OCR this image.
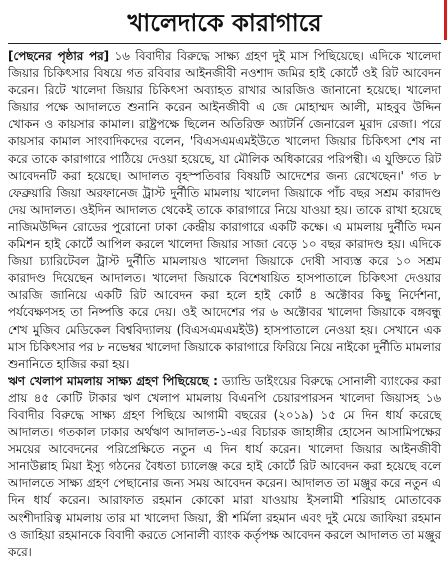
খালেদাকে কারাগারে

[পেছনের পৃষ্ঠার পর] ১৬ বিবাদীর বিরুদ্ধে সাক্ষ্য গ্রহণ দুই মাস পিছিয়েছে। এদিকে খালেদা জিয়ার চিকিৎসার বিষয়ে গত রবিবার আইনজীবী নওশাদ জমির হাই কোর্টে ওই রিট আবেদন করেন। রিটে খালেদা জিয়ার চিকিৎসা অব্যাহত রাখার আরজিও জানানো হয়েছে। খালেদা জিয়ার পক্ষে আদালতে শুনানি করেন আইনজীবী এ জে মোহাম্মদ আলী, মাহবুব উদ্দিন খোকন ও কায়সার কামাল। রাষ্ট্রপক্ষে ছিলেন অতিরিক্ত অ্যাটর্নি জেনারেল মুরাদ রেজা। পরে কায়সার কামাল সাংবাদিকদের বলেন, 'বিএসএমএমইউতে খালেদা জিয়ার চিকিৎসা শেষ না করে তাকে কারাগারে পাঠিয়ে দেওয়া হয়েছে, যা মৌলিক অধিকারের পরিপন্থী। এ যুক্তিতে রিট আবেদনটি করা হয়েছে। আদালত বৃহস্পতিবার বিষয়টি আদেশের জন্য রেখেছেন।' গত ৮ ফেব্রুয়ারি জিয়া অরফানেজ ট্রাস্ট দুর্নীতি মামলায় খালেদা জিয়াকে পাঁচ বছর সশ্রম কারাদণ্ড দেয় আদালত। ওইদিন আদালত থেকেই তাকে কারাগারে নিয়ে যাওয়া হয়। তাকে রাখা হয়েছে নাজিমউদ্দিন রোডের পুরোনো ঢাকা কেন্দ্রীয় কারাগারে একটি কক্ষে। এ মামলায় দুর্নীতি দমন কমিশন হাই কোর্টে আপিল করলে খালেদা জিয়ার সাজা বেড়ে ১০ বছর কারাদণ্ড হয়। এদিকে জিয়া চ্যারিটেবল ট্রাস্ট দুর্নীতি মামলায়ও খালেদা জিয়াকে দোষী সাব্যস্ত করে ১০ সশ্রম কারাদণ্ড দিয়েছেন আদালত। খালেদা জিয়াকে বিশেষায়িত হাসপাতালে চিকিৎসা দেওয়ার আরজি জানিয়ে একটি রিট আবেদন করা হলে হাই কোর্ট ৪ অক্টোবর কিছু নির্দেশনা, পর্যবেক্ষণসহ তা নিষ্পত্তি করে দেয়। ওই আদেশের পর ৬ অক্টোবর খালেদা জিয়াকে বঙ্গবন্ধু শেখ মুজিব মেডিকেল বিশ্ববিদ্যালয় (বিএসএমএমইউ) হাসপাতালে নেওয়া হয়। সেখানে এক মাস চিকিৎসার পর ৮ নভেম্বর খালেদা জিয়াকে কারাগারে ফিরিয়ে নিয়ে নাইকো দুর্নীতি মামলার শুনানিতে হাজির করা হয়।

ঋণ খেলাপ মামলায় সাক্ষ্য গ্রহণ পিছিয়েছে : ড্যান্ডি ডাইংয়ের বিরুদ্ধে সোনালী ব্যাংকের করা প্রায় ৪৫ কোটি টাকার ঋণ খেলাপ মামলায় বিএনপি চেয়ারপারসন খালেদা জিয়াসহ ১৬ বিবাদীর বিরুদ্ধে সাক্ষ্য গ্রহণ পিছিয়ে আগামী বছরের (২০১৯) ১৫ মে দিন ধার্য করেছে আদালত। গতকাল ঢাকার অর্থঋণ আদালত-১-এর বিচারক জাহাঙ্গীর হোসেন আসামিপক্ষের সময়ের আবেদনের পরিপ্রেক্ষিতে নতুন এ দিন ধার্য করেন। খালেদা জিয়ার আইনজীবী সানাউল্লাহ মিয়া ইস্যু গঠনের বৈধতা চ্যালেঞ্জ করে হাই কোর্টে রিট আবেদন করা হয়েছে বলে আদালতে সাক্ষ্য গ্রহণ পেছানোর জন্য সময় আবেদন করেন। আদালত তা মঞ্জুর করে নতুন এ দিন ধার্য করেন। আরাফাত রহমান কোকো মারা যাওয়ায় ইসলামী শরিয়াহ মোতাবেক অংশীদারিত্ব মামলায় তার মা খালেদা জিয়া, স্ত্রী শর্মিলা রহমান এবং দুই মেয়ে জাফিয়া রহমান ও জাহিয়া রহমানকে বিবাদী করতে সোনালী ব্যাংক কর্তৃপক্ষ আবেদন করলে আদালত তা মঞ্জুর করে।
